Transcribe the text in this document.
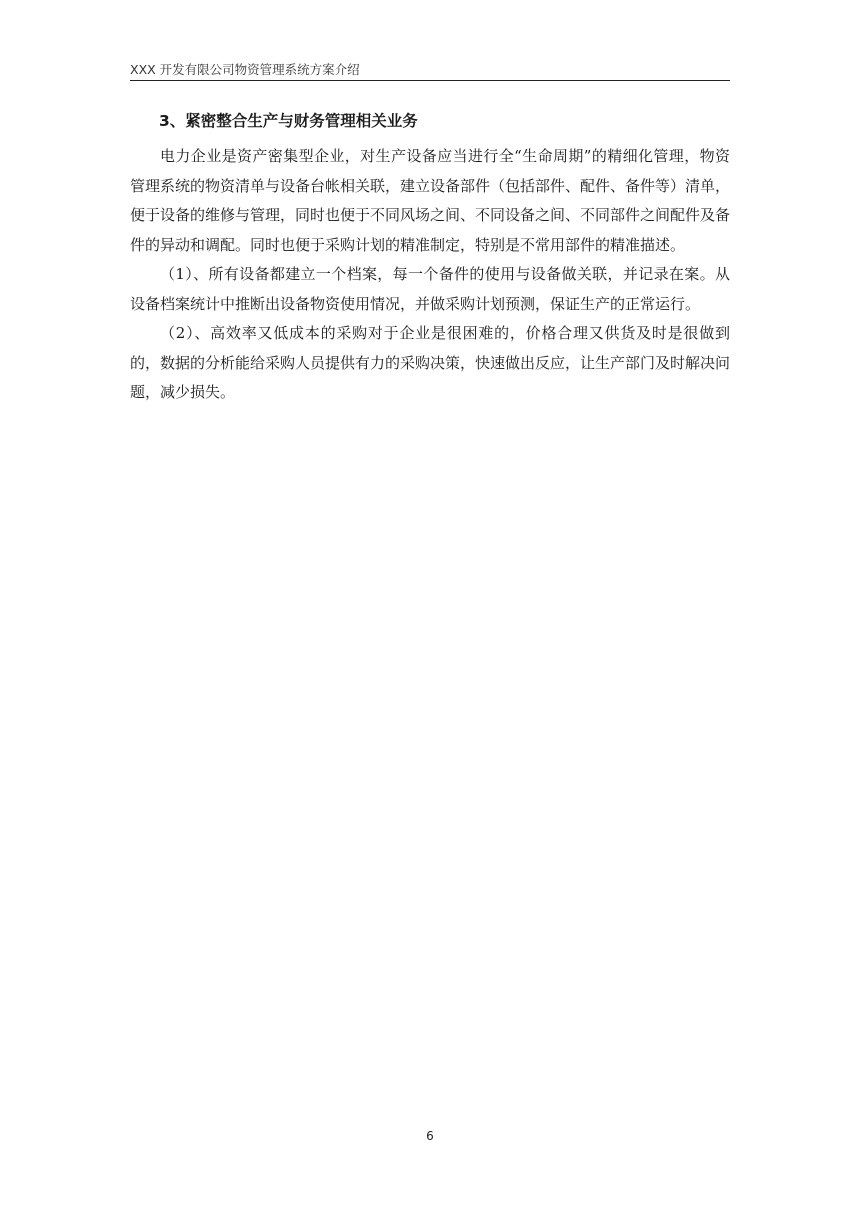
XXX 开发有限公司物资管理系统方案介绍
3、紧密整合生产与财务管理相关业务

电力企业是资产密集型企业，对生产设备应当进行全“生命周期”的精细化管理，物资管理系统的物资清单与设备台帐相关联，建立设备部件（包括部件、配件、备件等）清单，便于设备的维修与管理，同时也便于不同风场之间、不同设备之间、不同部件之间配件及备件的异动和调配。同时也便于采购计划的精准制定，特别是不常用部件的精准描述。

（1）、所有设备都建立一个档案，每一个备件的使用与设备做关联，并记录在案。从设备档案统计中推断出设备物资使用情况，并做采购计划预测，保证生产的正常运行。

（2）、高效率又低成本的采购对于企业是很困难的，价格合理又供货及时是很做到的，数据的分析能给采购人员提供有力的采购决策，快速做出反应，让生产部门及时解决问题，减少损失。

6
